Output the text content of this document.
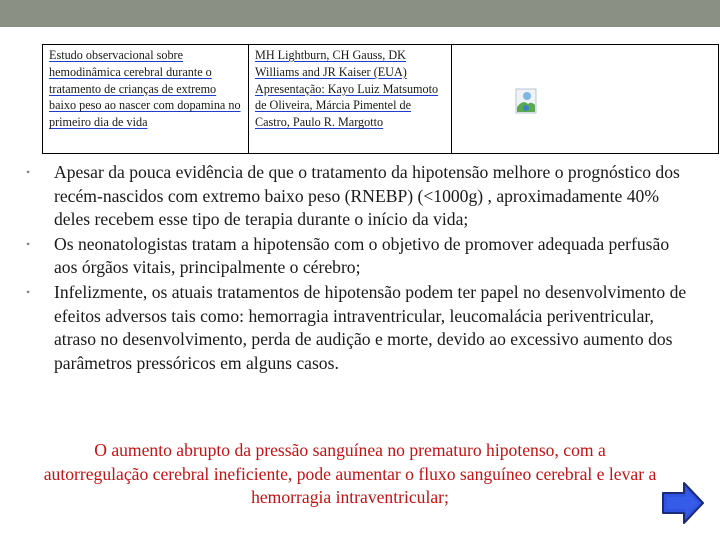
Estudo observacional sobre hemodinâmica cerebral durante o tratamento de crianças de extremo baixo peso ao nascer com dopamina no primeiro dia de vida	MH Lightburn, CH Gauss, DK Williams and JR Kaiser (EUA) Apresentação: Kayo Luiz Matsumoto de Oliveira, Márcia Pimentel de Castro, Paulo R. Margotto	
• Apesar da pouca evidência de que o tratamento da hipotensão melhore o prognóstico dos recém-nascidos com extremo baixo peso (RNEBP) (<1000g) , aproximadamente 40% deles recebem esse tipo de terapia durante o início da vida;
• Os neonatologistas tratam a hipotensão com o objetivo de promover adequada perfusão aos órgãos vitais, principalmente o cérebro;
• Infelizmente, os atuais tratamentos de hipotensão podem ter papel no desenvolvimento de efeitos adversos tais como: hemorragia intraventricular, leucomalácia periventricular, atraso no desenvolvimento, perda de audição e morte, devido ao excessivo aumento dos parâmetros pressóricos em alguns casos.
O aumento abrupto da pressão sanguínea no prematuro hipotenso, com a autorregulação cerebral ineficiente, pode aumentar o fluxo sanguíneo cerebral e levar a hemorragia intraventricular;
